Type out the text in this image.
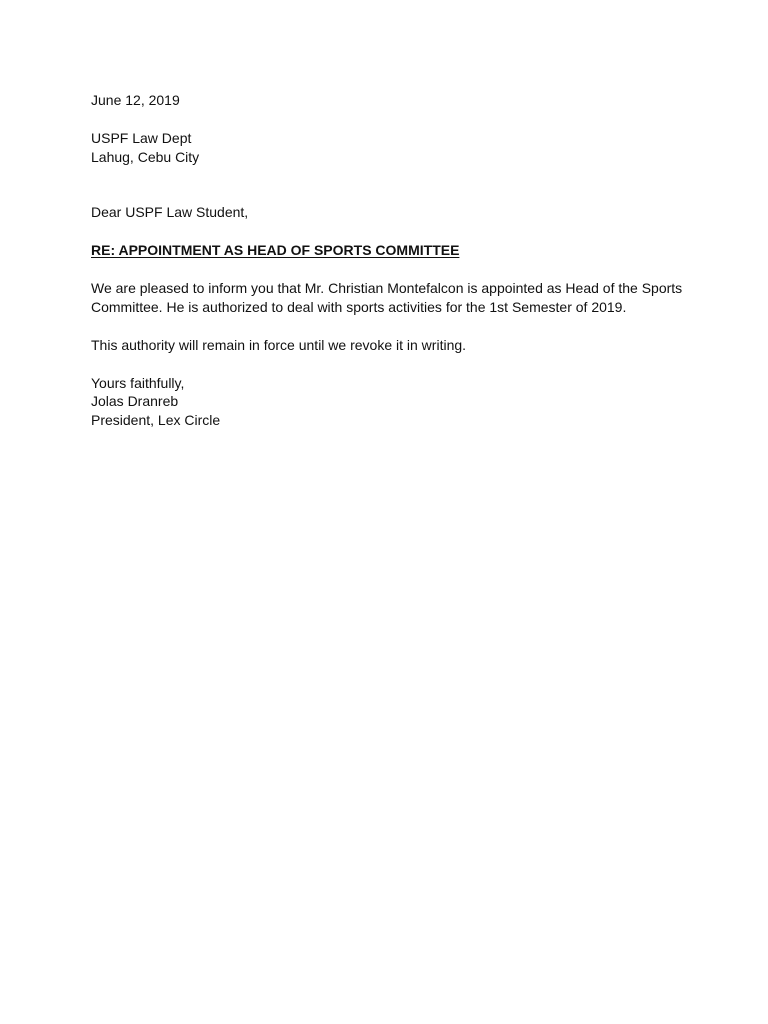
June 12, 2019
USPF Law Dept
Lahug, Cebu City
Dear USPF Law Student,
RE: APPOINTMENT AS HEAD OF SPORTS COMMITTEE
We are pleased to inform you that Mr. Christian Montefalcon is appointed as Head of the Sports
Committee. He is authorized to deal with sports activities for the 1st Semester of 2019.
This authority will remain in force until we revoke it in writing.
Yours faithfully,
Jolas Dranreb
President, Lex Circle
